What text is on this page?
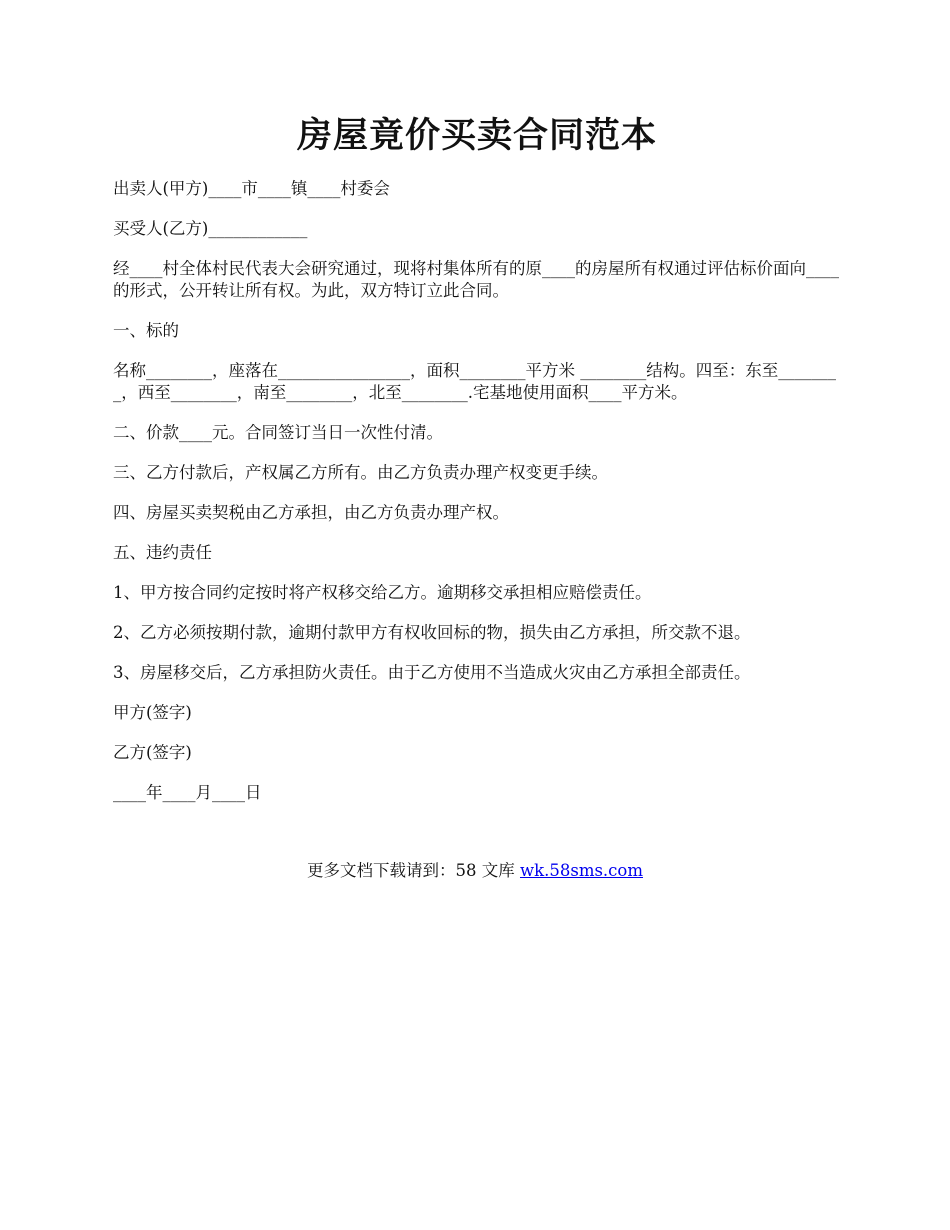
房屋竟价买卖合同范本

出卖人(甲方)____市____镇____村委会

买受人(乙方)____________

经____村全体村民代表大会研究通过，现将村集体所有的原____的房屋所有权通过评估标价面向____ 的形式，公开转让所有权。为此，双方特订立此合同。

一、标的

名称________，座落在________________，面积________平方米 ________结构。四至：东至________，西至________，南至________，北至________.宅基地使用面积____平方米。

二、价款____元。合同签订当日一次性付清。

三、乙方付款后，产权属乙方所有。由乙方负责办理产权变更手续。

四、房屋买卖契税由乙方承担，由乙方负责办理产权。

五、违约责任

1、甲方按合同约定按时将产权移交给乙方。逾期移交承担相应赔偿责任。

2、乙方必须按期付款，逾期付款甲方有权收回标的物，损失由乙方承担，所交款不退。

3、房屋移交后，乙方承担防火责任。由于乙方使用不当造成火灾由乙方承担全部责任。

甲方(签字)

乙方(签字)

____年____月____日

更多文档下载请到：58 文库 wk.58sms.com
